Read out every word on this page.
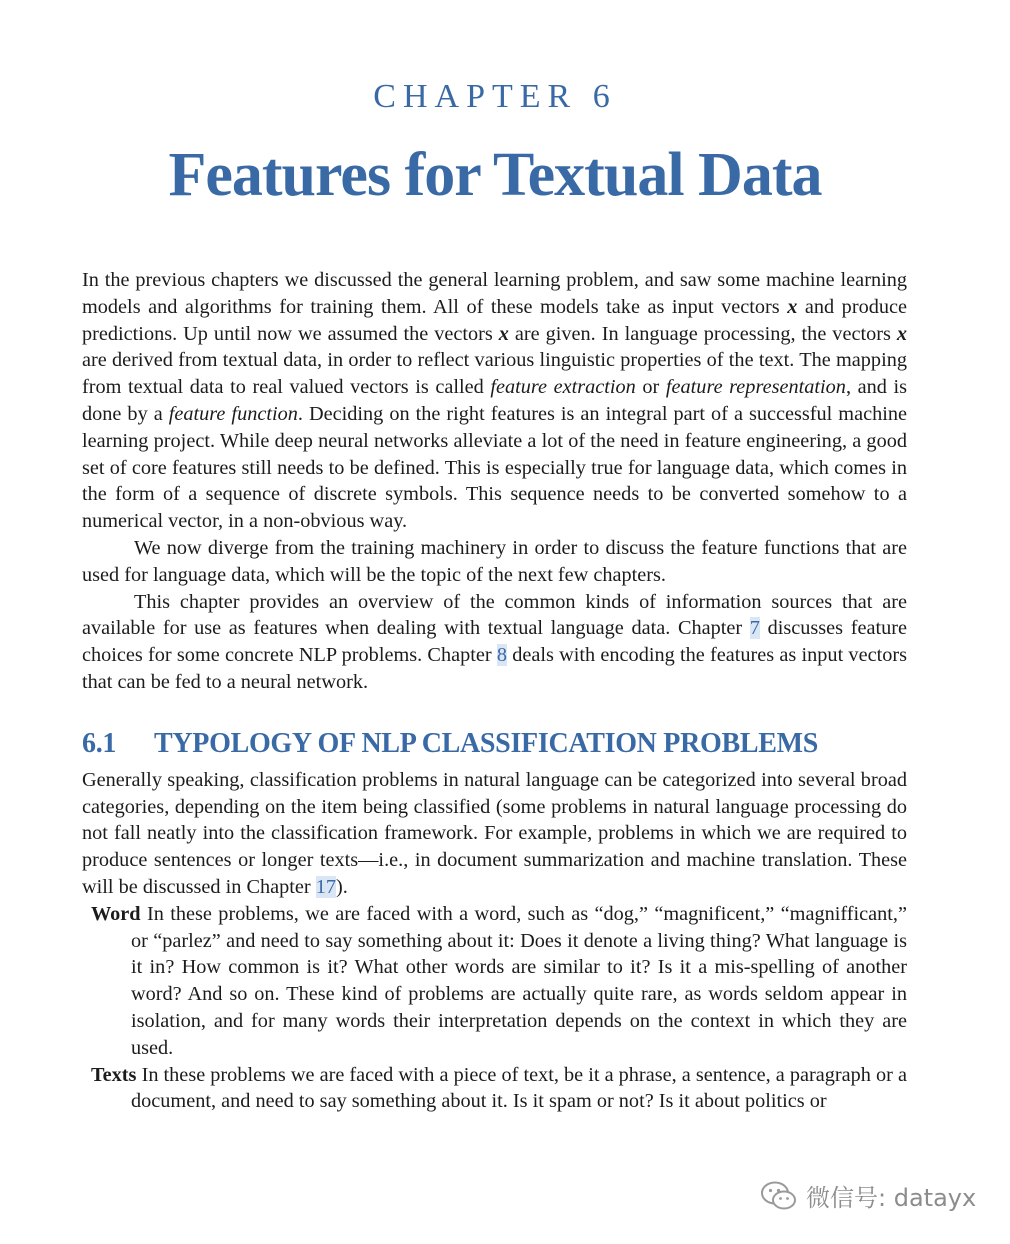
CHAPTER 6
Features for Textual Data

In the previous chapters we discussed the general learning problem, and saw some machine learning models and algorithms for training them. All of these models take as input vectors x and produce predictions. Up until now we assumed the vectors x are given. In language processing, the vectors x are derived from textual data, in order to reflect various linguistic properties of the text. The mapping from textual data to real valued vectors is called feature extraction or feature representation, and is done by a feature function. Deciding on the right features is an integral part of a successful machine learning project. While deep neural networks alleviate a lot of the need in feature engineering, a good set of core features still needs to be defined. This is especially true for language data, which comes in the form of a sequence of discrete symbols. This sequence needs to be converted somehow to a numerical vector, in a non-obvious way.

We now diverge from the training machinery in order to discuss the feature functions that are used for language data, which will be the topic of the next few chapters.

This chapter provides an overview of the common kinds of information sources that are available for use as features when dealing with textual language data. Chapter 7 discusses feature choices for some concrete NLP problems. Chapter 8 deals with encoding the features as input vectors that can be fed to a neural network.

6.1 TYPOLOGY OF NLP CLASSIFICATION PROBLEMS

Generally speaking, classification problems in natural language can be categorized into several broad categories, depending on the item being classified (some problems in natural language processing do not fall neatly into the classification framework. For example, problems in which we are required to produce sentences or longer texts—i.e., in document summarization and machine translation. These will be discussed in Chapter 17).

Word In these problems, we are faced with a word, such as “dog,” “magnificent,” “magnifficant,” or “parlez” and need to say something about it: Does it denote a living thing? What language is it in? How common is it? What other words are similar to it? Is it a mis-spelling of another word? And so on. These kind of problems are actually quite rare, as words seldom appear in isolation, and for many words their interpretation depends on the context in which they are used.

Texts In these problems we are faced with a piece of text, be it a phrase, a sentence, a paragraph or a document, and need to say something about it. Is it spam or not? Is it about politics or

微信号: datayx
